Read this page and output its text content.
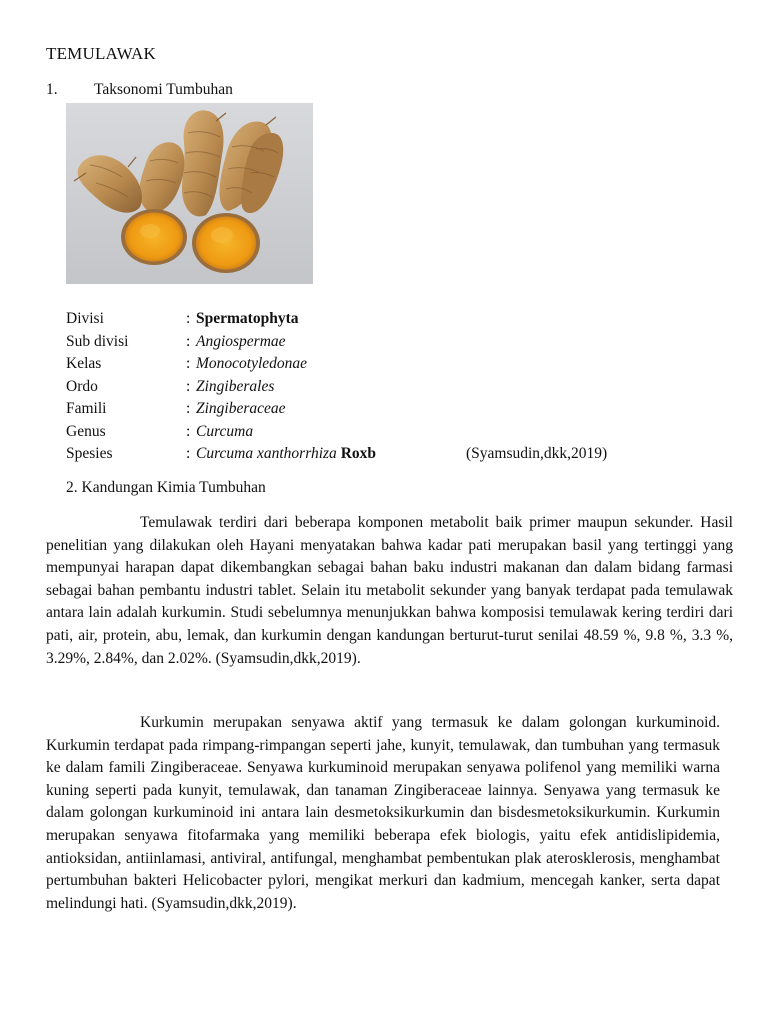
TEMULAWAK
1. Taksonomi Tumbuhan
Divisi	: Spermatophyta
Sub divisi	: Angiospermae
Kelas	: Monocotyledonae
Ordo	: Zingiberales
Famili	: Zingiberaceae
Genus	: Curcuma
Spesies	: Curcuma xanthorrhiza Roxb	(Syamsudin,dkk,2019)
2. Kandungan Kimia Tumbuhan
Temulawak terdiri dari beberapa komponen metabolit baik primer maupun sekunder. Hasil penelitian yang dilakukan oleh Hayani menyatakan bahwa kadar pati merupakan basil yang tertinggi yang mempunyai harapan dapat dikembangkan sebagai bahan baku industri makanan dan dalam bidang farmasi sebagai bahan pembantu industri tablet. Selain itu metabolit sekunder yang banyak terdapat pada temulawak antara lain adalah kurkumin. Studi sebelumnya menunjukkan bahwa komposisi temulawak kering terdiri dari pati, air, protein, abu, lemak, dan kurkumin dengan kandungan berturut-turut senilai 48.59 %, 9.8 %, 3.3 %, 3.29%, 2.84%, dan 2.02%. (Syamsudin,dkk,2019).
Kurkumin merupakan senyawa aktif yang termasuk ke dalam golongan kurkuminoid. Kurkumin terdapat pada rimpang-rimpangan seperti jahe, kunyit, temulawak, dan tumbuhan yang termasuk ke dalam famili Zingiberaceae. Senyawa kurkuminoid merupakan senyawa polifenol yang memiliki warna kuning seperti pada kunyit, temulawak, dan tanaman Zingiberaceae lainnya. Senyawa yang termasuk ke dalam golongan kurkuminoid ini antara lain desmetoksikurkumin dan bisdesmetoksikurkumin. Kurkumin merupakan senyawa fitofarmaka yang memiliki beberapa efek biologis, yaitu efek antidislipidemia, antioksidan, antiinlamasi, antiviral, antifungal, menghambat pembentukan plak aterosklerosis, menghambat pertumbuhan bakteri Helicobacter pylori, mengikat merkuri dan kadmium, mencegah kanker, serta dapat melindungi hati. (Syamsudin,dkk,2019).
